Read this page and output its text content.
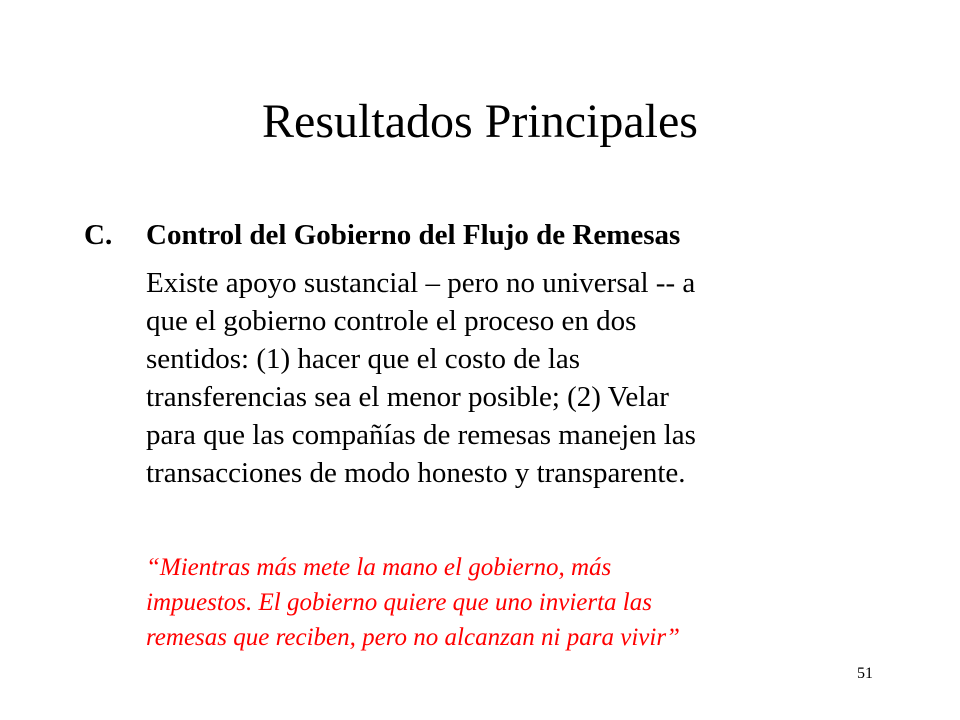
Resultados Principales
C. Control del Gobierno del Flujo de Remesas
Existe apoyo sustancial – pero no universal -- a
que el gobierno controle el proceso en dos
sentidos: (1) hacer que el costo de las
transferencias sea el menor posible; (2) Velar
para que las compañías de remesas manejen las
transacciones de modo honesto y transparente.
“Mientras más mete la mano el gobierno, más
impuestos. El gobierno quiere que uno invierta las
remesas que reciben, pero no alcanzan ni para vivir”
51
